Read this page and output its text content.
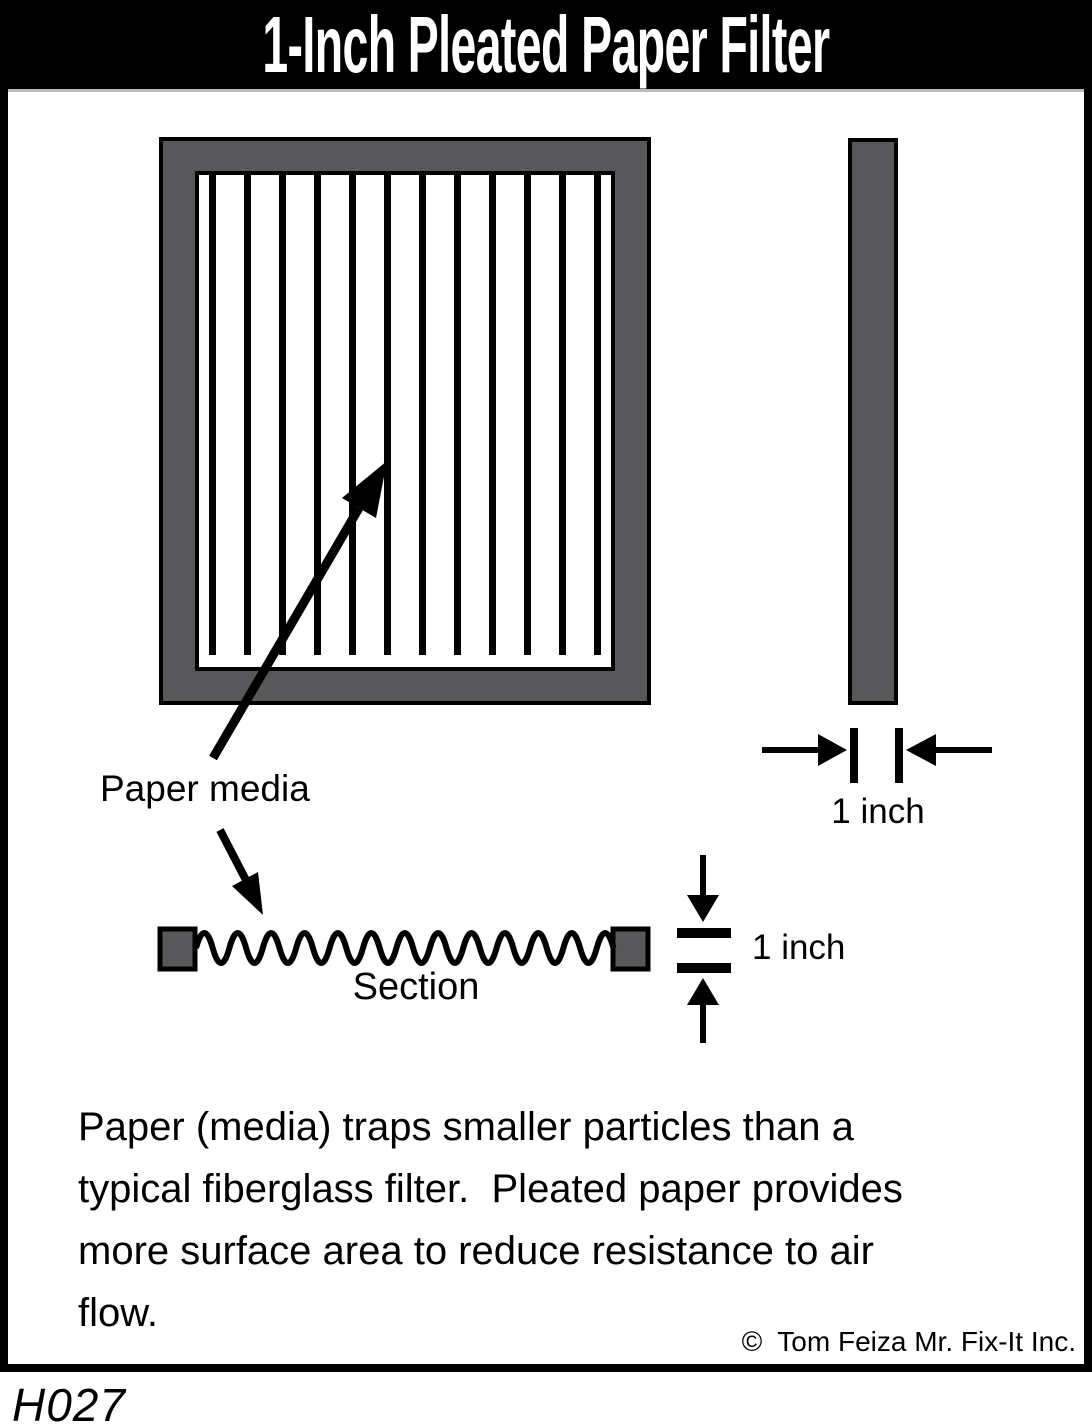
1-Inch Pleated Paper Filter
Paper media
1 inch
Section
1 inch
Paper (media) traps smaller particles than a
typical fiberglass filter.  Pleated paper provides
more surface area to reduce resistance to air
flow.
©  Tom Feiza Mr. Fix-It Inc.
H027
